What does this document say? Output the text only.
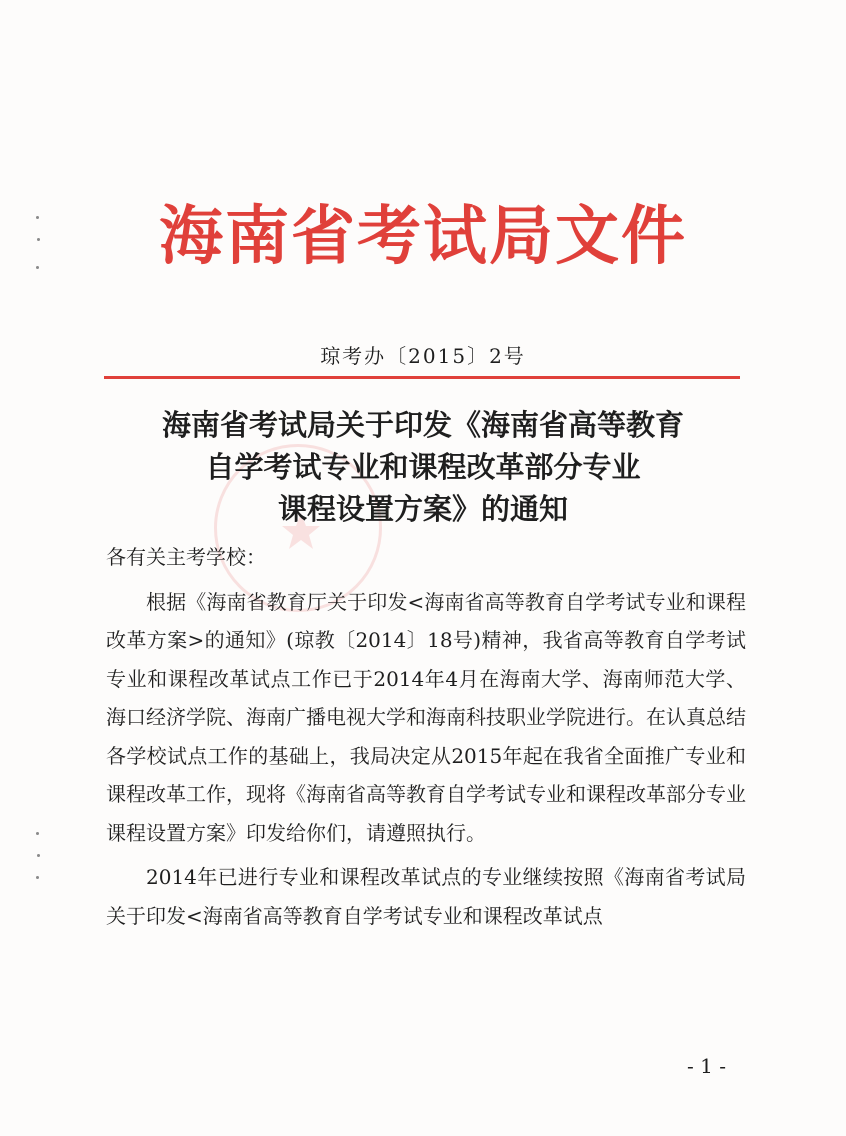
海南省考试局文件
琼考办〔2015〕2号
海南省考试局关于印发《海南省高等教育
自学考试专业和课程改革部分专业
课程设置方案》的通知

各有关主考学校：

根据《海南省教育厅关于印发<海南省高等教育自学考试专业和课程改革方案>的通知》(琼教〔2014〕18号)精神，我省高等教育自学考试专业和课程改革试点工作已于2014年4月在海南大学、海南师范大学、海口经济学院、海南广播电视大学和海南科技职业学院进行。在认真总结各学校试点工作的基础上，我局决定从2015年起在我省全面推广专业和课程改革工作，现将《海南省高等教育自学考试专业和课程改革部分专业课程设置方案》印发给你们，请遵照执行。

2014年已进行专业和课程改革试点的专业继续按照《海南省考试局关于印发<海南省高等教育自学考试专业和课程改革试点

- 1 -
